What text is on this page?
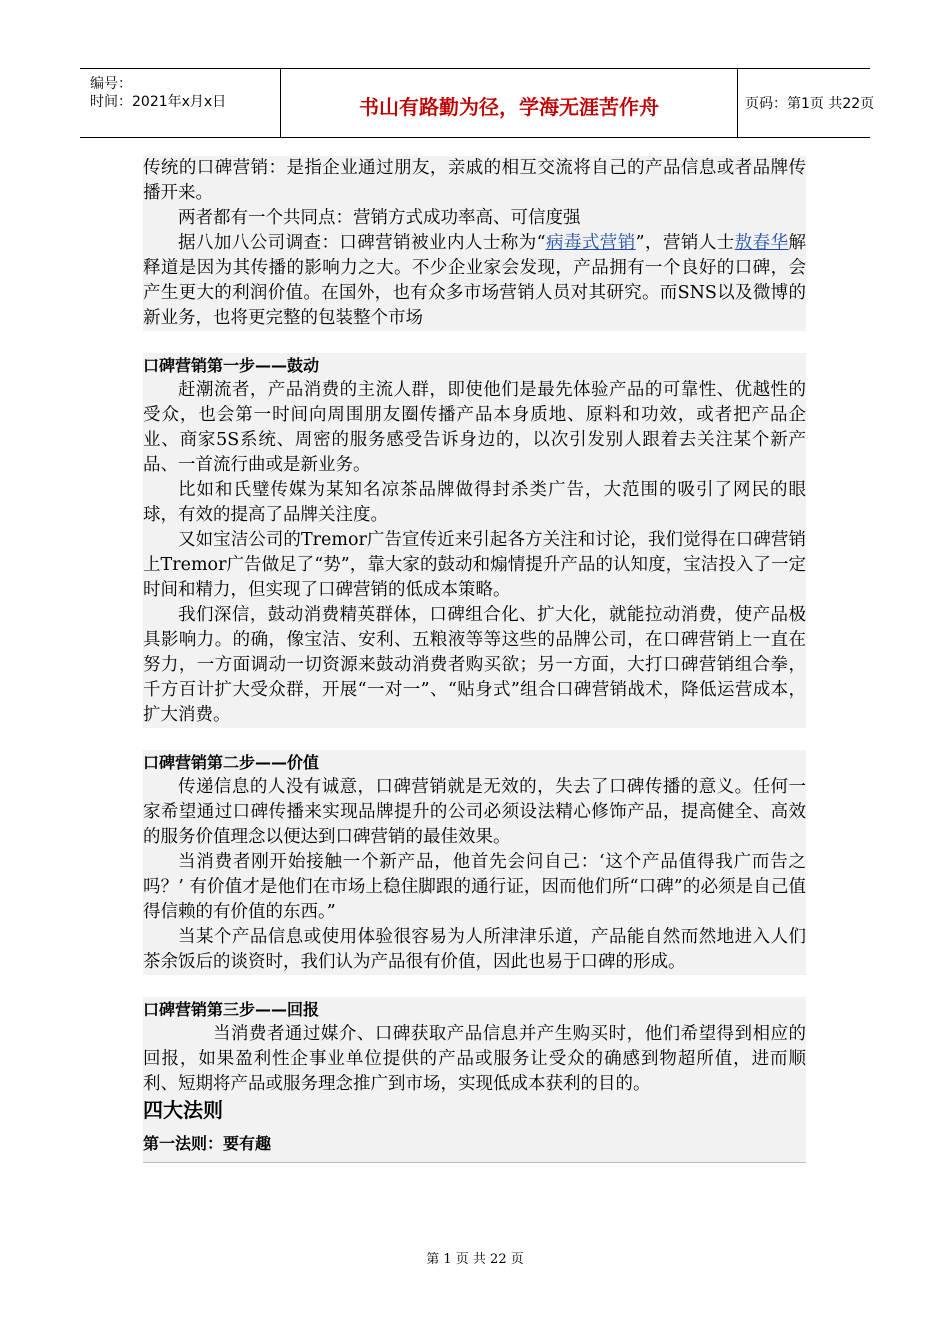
编号：
时间：2021年x月x日	书山有路勤为径，学海无涯苦作舟	页码：第1页 共22页

传统的口碑营销：是指企业通过朋友，亲戚的相互交流将自己的产品信息或者品牌传播开来。

两者都有一个共同点：营销方式成功率高、可信度强

据八加八公司调查：口碑营销被业内人士称为“病毒式营销”，营销人士敖春华解释道是因为其传播的影响力之大。不少企业家会发现，产品拥有一个良好的口碑，会产生更大的利润价值。在国外，也有众多市场营销人员对其研究。而SNS以及微博的新业务，也将更完整的包装整个市场

口碑营销第一步——鼓动

赶潮流者，产品消费的主流人群，即使他们是最先体验产品的可靠性、优越性的受众，也会第一时间向周围朋友圈传播产品本身质地、原料和功效，或者把产品企业、商家5S系统、周密的服务感受告诉身边的，以次引发别人跟着去关注某个新产品、一首流行曲或是新业务。

比如和氏璧传媒为某知名凉茶品牌做得封杀类广告，大范围的吸引了网民的眼球，有效的提高了品牌关注度。

又如宝洁公司的Tremor广告宣传近来引起各方关注和讨论，我们觉得在口碑营销上Tremor广告做足了“势”，靠大家的鼓动和煽情提升产品的认知度，宝洁投入了一定时间和精力，但实现了口碑营销的低成本策略。

我们深信，鼓动消费精英群体，口碑组合化、扩大化，就能拉动消费，使产品极具影响力。的确，像宝洁、安利、五粮液等等这些的品牌公司，在口碑营销上一直在努力，一方面调动一切资源来鼓动消费者购买欲；另一方面，大打口碑营销组合拳，千方百计扩大受众群，开展“一对一”、“贴身式”组合口碑营销战术，降低运营成本，扩大消费。

口碑营销第二步——价值

传递信息的人没有诚意，口碑营销就是无效的，失去了口碑传播的意义。任何一家希望通过口碑传播来实现品牌提升的公司必须设法精心修饰产品，提高健全、高效的服务价值理念以便达到口碑营销的最佳效果。

当消费者刚开始接触一个新产品，他首先会问自己：‘这个产品值得我广而告之吗？’ 有价值才是他们在市场上稳住脚跟的通行证，因而他们所“口碑”的必须是自己值得信赖的有价值的东西。”

当某个产品信息或使用体验很容易为人所津津乐道，产品能自然而然地进入人们茶余饭后的谈资时，我们认为产品很有价值，因此也易于口碑的形成。

口碑营销第三步——回报

当消费者通过媒介、口碑获取产品信息并产生购买时，他们希望得到相应的回报，如果盈利性企事业单位提供的产品或服务让受众的确感到物超所值，进而顺利、短期将产品或服务理念推广到市场，实现低成本获利的目的。

四大法则

第一法则：要有趣

第 1 页 共 22 页
